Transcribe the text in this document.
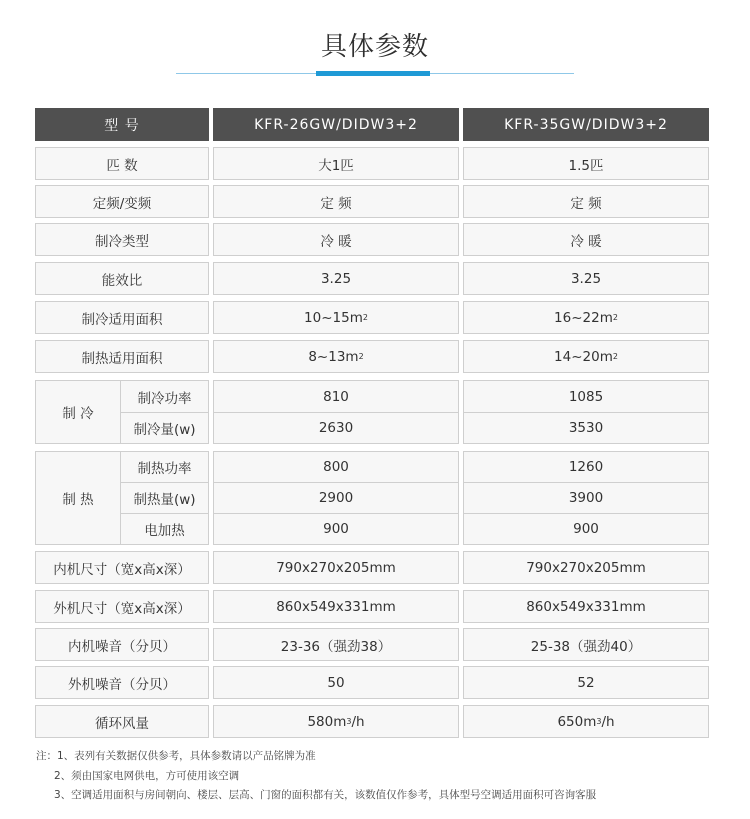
具体参数
型 号	KFR-26GW/DIDW3+2	KFR-35GW/DIDW3+2
匹 数	大1匹	1.5匹
定频/变频	定 频	定 频
制冷类型	冷 暖	冷 暖
能效比	3.25	3.25
制冷适用面积	10~15m 2	16~22m 2
制热适用面积	8~13m 2	14~20m 2
制 冷
制冷功率	810	1085
制冷量(w)	2630	3530
制 热
制热功率	800	1260
制热量(w)	2900	3900
电加热	900	900
内机尺寸（宽x高x深）	790x270x205mm	790x270x205mm
外机尺寸（宽x高x深）	860x549x331mm	860x549x331mm
内机噪音（分贝）	23-36（强劲38）	25-38（强劲40）
外机噪音（分贝）	50	52
循环风量	580m 3 /h	650m 3 /h
注：1、表列有关数据仅供参考，具体参数请以产品铭牌为准
2、须由国家电网供电，方可使用该空调
3、空调适用面积与房间朝向、楼层、层高、门窗的面积都有关，该数值仅作参考，具体型号空调适用面积可咨询客服
